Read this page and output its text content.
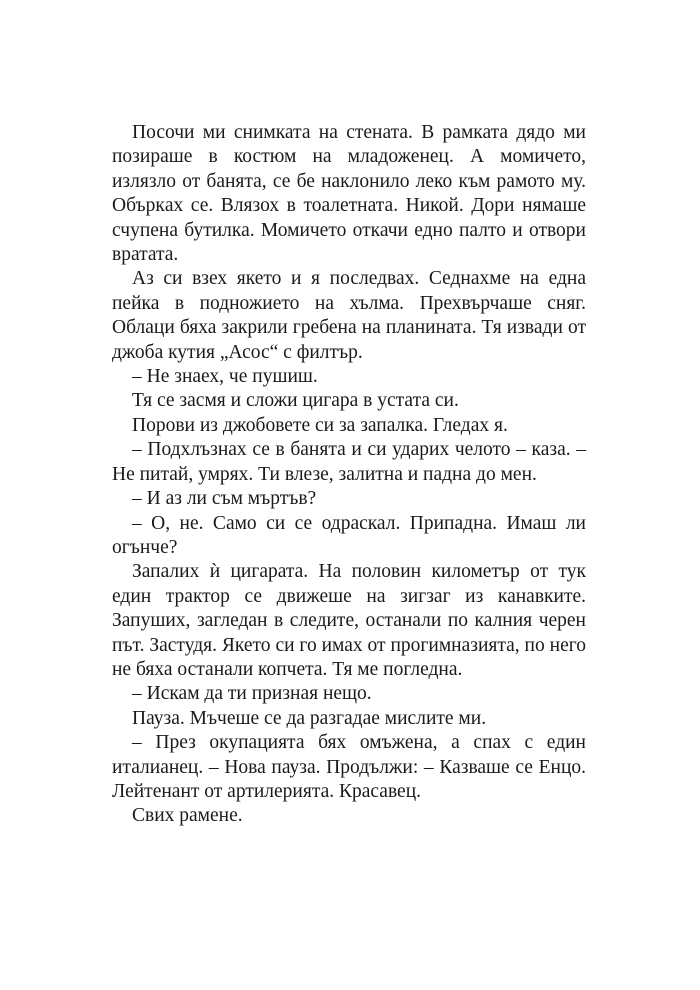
Посочи ми снимката на стената. В рамката дядо ми позираше в костюм на младоженец. А момичето, излязло от банята, се бе наклонило леко към рамото му. Объркax се. Влязох в тоалетната. Никой. Дори нямаше счупена бутилка. Момичето откачи едно палто и отвори вратата.

Аз си взех якето и я последвах. Седнахме на една пейка в подножието на хълма. Прехвърчаше сняг. Облаци бяха закрили гребена на планината. Тя извади от джоба кутия „Асос“ с филтър.

– Не знаех, че пушиш.

Тя се засмя и сложи цигара в устата си.

Порови из джобовете си за запалка. Гледах я.

– Подхлъзнах се в банята и си ударих челото – каза. – Не питай, умрях. Ти влезе, залитна и падна до мен.

– И аз ли съм мъртъв?

– О, не. Само си се одраскал. Припадна. Имаш ли огънче?

Запалих ѝ цигарата. На половин километър от тук един трактор се движеше на зигзаг из канавките. Запуших, загледан в следите, останали по калния черен път. Застудя. Якето си го имах от прогимназията, по него не бяха останали копчета. Тя ме погледна.

– Искам да ти призная нещо.

Пауза. Мъчеше се да разгадае мислите ми.

– През окупацията бях омъжена, а спах с един италианец. – Нова пауза. Продължи: – Казваше се Енцо. Лейтенант от артилерията. Красавец.

Свих рамене.
